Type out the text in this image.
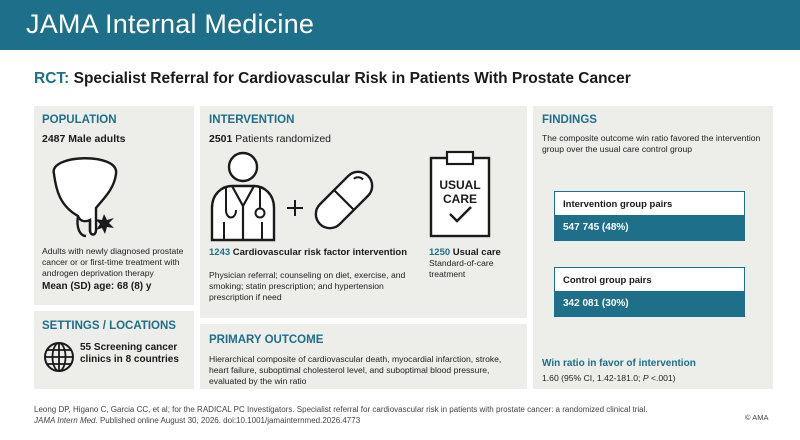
JAMA Internal Medicine
RCT: Specialist Referral for Cardiovascular Risk in Patients With Prostate Cancer
POPULATION
2487 Male adults
Adults with newly diagnosed prostate cancer or or first-time treatment with androgen deprivation therapy
Mean (SD) age: 68 (8) y
SETTINGS / LOCATIONS
55 Screening cancer clinics in 8 countries
INTERVENTION
2501 Patients randomized
USUAL
CARE
1243 Cardiovascular risk factor intervention
Physician referral; counseling on diet, exercise, and smoking; statin prescription; and hypertension prescription if need
1250 Usual care
Standard-of-care treatment
PRIMARY OUTCOME
Hierarchical composite of cardiovascular death, myocardial infarction, stroke, heart failure, suboptimal cholesterol level, and suboptimal blood pressure, evaluated by the win ratio
FINDINGS
The composite outcome win ratio favored the intervention group over the usual care control group
Intervention group pairs
547 745 (48%)
Control group pairs
342 081 (30%)
Win ratio in favor of intervention
1.60 (95% CI, 1.42-181.0; P <.001)
Leong DP, Higano C, Garcia CC, et al; for the RADICAL PC Investigators. Specialist referral for cardiovascular risk in patients with prostate cancer: a randomized clinical trial.
JAMA Intern Med. Published online August 30, 2026. doi:10.1001/jamainternmed.2026.4773	© AMA
